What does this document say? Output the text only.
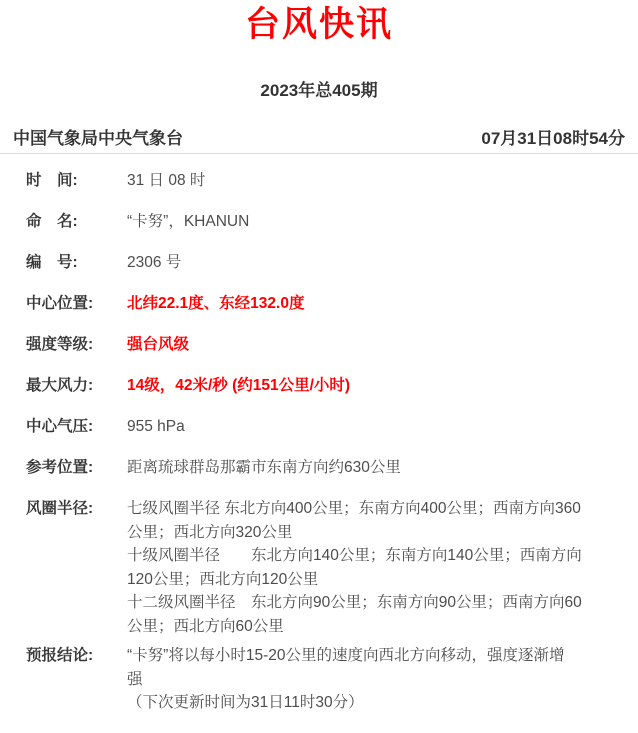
台风快讯
2023年总405期
中国气象局中央气象台	07月31日08时54分
时　间:	31 日 08 时
命　名:	“卡努”，KHANUN
编　号:	2306 号
中心位置:	北纬22.1度、东经132.0度
强度等级:	强台风级
最大风力:	14级，42米/秒 (约151公里/小时)
中心气压:	955 hPa
参考位置:	距离琉球群岛那霸市东南方向约630公里
风圈半径:	七级风圈半径 东北方向400公里；东南方向400公里；西南方向360
公里；西北方向320公里
十级风圈半径　　东北方向140公里；东南方向140公里；西南方向
120公里；西北方向120公里
十二级风圈半径　东北方向90公里；东南方向90公里；西南方向60
公里；西北方向60公里
预报结论:	“卡努”将以每小时15-20公里的速度向西北方向移动，强度逐渐增
强
（下次更新时间为31日11时30分）
